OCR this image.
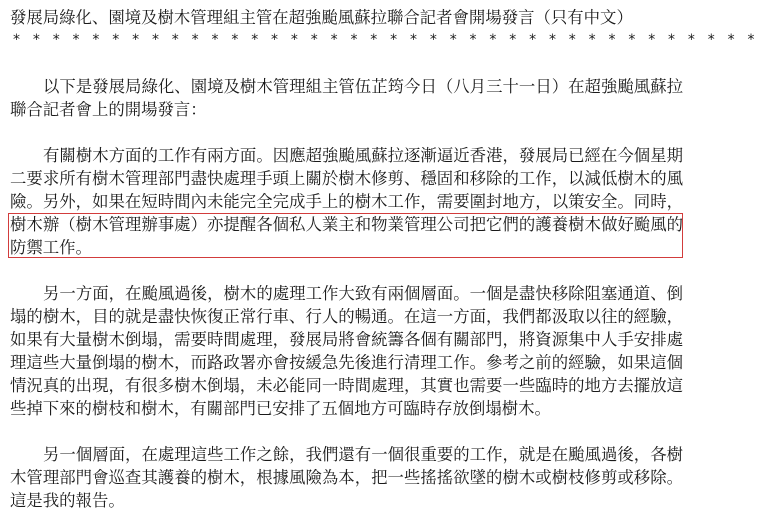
發展局綠化、園境及樹木管理組主管在超強颱風蘇拉聯合記者會開場發言（只有中文）
* * * * * * * * * * * * * * * * * * * * * * * * * * * * * * * * * * * * * *
以下是發展局綠化、園境及樹木管理組主管伍芷筠今日（八月三十一日）在超強颱風蘇拉
聯合記者會上的開場發言：
有關樹木方面的工作有兩方面。因應超強颱風蘇拉逐漸逼近香港，發展局已經在今個星期
二要求所有樹木管理部門盡快處理手頭上關於樹木修剪、穩固和移除的工作，以減低樹木的風
險。另外，如果在短時間內未能完全完成手上的樹木工作，需要圍封地方，以策安全。同時，
樹木辦（樹木管理辦事處）亦提醒各個私人業主和物業管理公司把它們的護養樹木做好颱風的
防禦工作。
另一方面，在颱風過後，樹木的處理工作大致有兩個層面。一個是盡快移除阻塞通道、倒
塌的樹木，目的就是盡快恢復正常行車、行人的暢通。在這一方面，我們都汲取以往的經驗，
如果有大量樹木倒塌，需要時間處理，發展局將會統籌各個有關部門，將資源集中人手安排處
理這些大量倒塌的樹木，而路政署亦會按緩急先後進行清理工作。參考之前的經驗，如果這個
情況真的出現，有很多樹木倒塌，未必能同一時間處理，其實也需要一些臨時的地方去擺放這
些掉下來的樹枝和樹木，有關部門已安排了五個地方可臨時存放倒塌樹木。
另一個層面，在處理這些工作之餘，我們還有一個很重要的工作，就是在颱風過後，各樹
木管理部門會巡查其護養的樹木，根據風險為本，把一些搖搖欲墜的樹木或樹枝修剪或移除。
這是我的報告。
